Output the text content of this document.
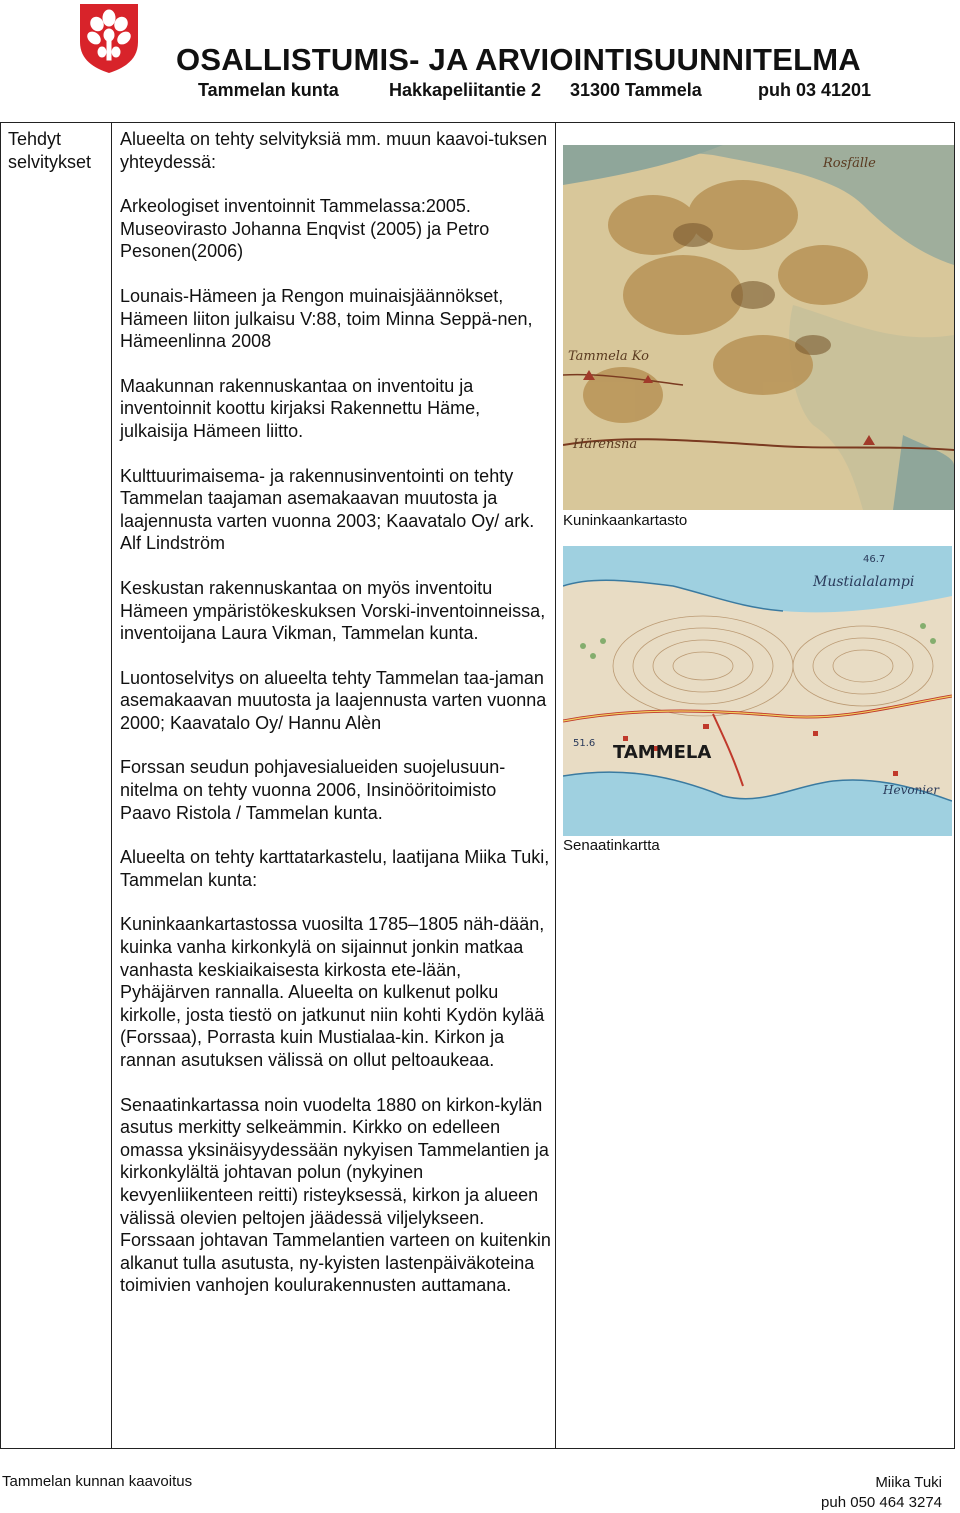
OSALLISTUMIS- JA ARVIOINTISUUNNITELMA
Tammelan kunta	Hakkapeliitantie 2 31300 Tammela	puh 03 41201
Tehdyt selvitykset

Alueelta on tehty selvityksiä mm. muun kaavoi-tuksen yhteydessä:

Arkeologiset inventoinnit Tammelassa:2005. Museovirasto Johanna Enqvist (2005) ja Petro Pesonen(2006)

Lounais-Hämeen ja Rengon muinaisjäännökset, Hämeen liiton julkaisu V:88, toim Minna Seppä-nen, Hämeenlinna 2008

Maakunnan rakennuskantaa on inventoitu ja inventoinnit koottu kirjaksi Rakennettu Häme, julkaisija Hämeen liitto.

Kulttuurimaisema- ja rakennusinventointi on tehty Tammelan taajaman asemakaavan muutosta ja laajennusta varten vuonna 2003; Kaavatalo Oy/ ark. Alf Lindström

Keskustan rakennuskantaa on myös inventoitu Hämeen ympäristökeskuksen Vorski-inventoinneissa, inventoijana Laura Vikman, Tammelan kunta.

Luontoselvitys on alueelta tehty Tammelan taa-jaman asemakaavan muutosta ja laajennusta varten vuonna 2000; Kaavatalo Oy/ Hannu Alèn

Forssan seudun pohjavesialueiden suojelusuun-nitelma on tehty vuonna 2006, Insinööritoimisto Paavo Ristola / Tammelan kunta.

Alueelta on tehty karttatarkastelu, laatijana Miika Tuki, Tammelan kunta:

Kuninkaankartastossa vuosilta 1785–1805 näh-dään, kuinka vanha kirkonkylä on sijainnut jonkin matkaa vanhasta keskiaikaisesta kirkosta ete-lään, Pyhäjärven rannalla. Alueelta on kulkenut polku kirkolle, josta tiestö on jatkunut niin kohti Kydön kylää (Forssaa), Porrasta kuin Mustialaa-kin. Kirkon ja rannan asutuksen välissä on ollut peltoaukeaa.

Senaatinkartassa noin vuodelta 1880 on kirkon-kylän asutus merkitty selkeämmin. Kirkko on edelleen omassa yksinäisyydessään nykyisen Tammelantien ja kirkonkylältä johtavan polun (nykyinen kevyenliikenteen reitti) risteyksessä, kirkon ja alueen välissä olevien peltojen jäädessä viljelykseen. Forssaan johtavan Tammelantien varteen on kuitenkin alkanut tulla asutusta, ny-kyisten lastenpäiväkoteina toimivien vanhojen koulurakennusten auttamana.

Rosfälle
Tammela Ko
Härensna
Kuninkaankartasto
Mustialalampi
46.7
51.6 TAMMELA
Hevonier
Senaatinkartta
Tammelan kunnan kaavoitus	Miika Tuki
puh 050 464 3274
